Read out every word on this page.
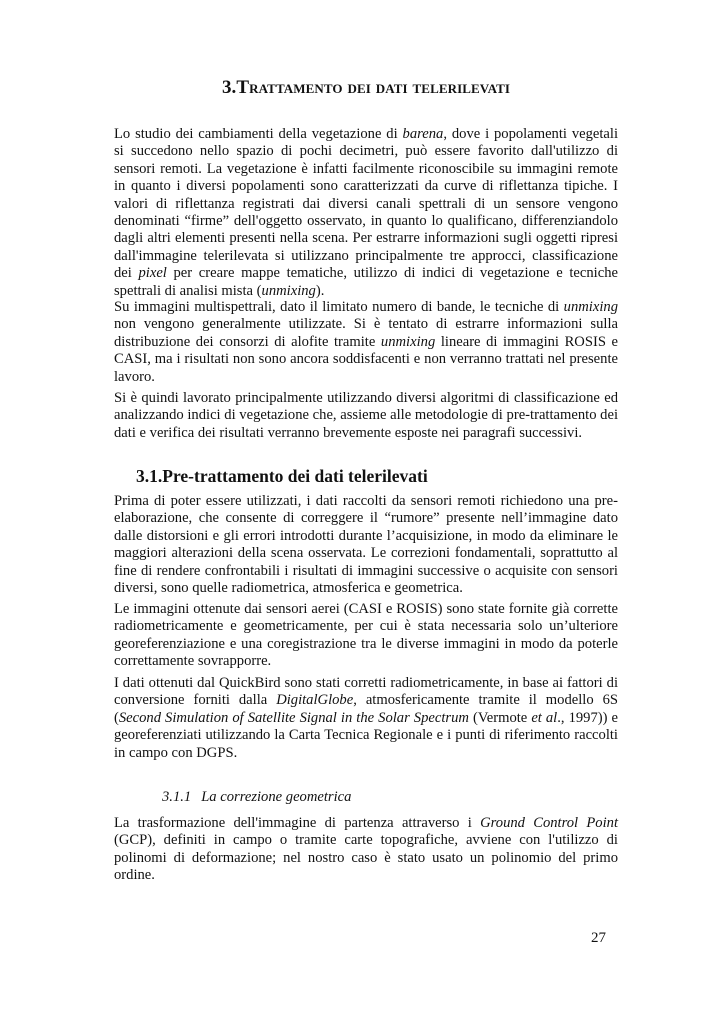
3.Trattamento dei dati telerilevati

Lo studio dei cambiamenti della vegetazione di barena, dove i popolamenti vegetali si succedono nello spazio di pochi decimetri, può essere favorito dall'utilizzo di sensori remoti. La vegetazione è infatti facilmente riconoscibile su immagini remote in quanto i diversi popolamenti sono caratterizzati da curve di riflettanza tipiche. I valori di riflettanza registrati dai diversi canali spettrali di un sensore vengono denominati “firme” dell'oggetto osservato, in quanto lo qualificano, differenziandolo dagli altri elementi presenti nella scena. Per estrarre informazioni sugli oggetti ripresi dall'immagine telerilevata si utilizzano principalmente tre approcci, classificazione dei pixel per creare mappe tematiche, utilizzo di indici di vegetazione e tecniche spettrali di analisi mista (unmixing).

Su immagini multispettrali, dato il limitato numero di bande, le tecniche di unmixing non vengono generalmente utilizzate. Si è tentato di estrarre informazioni sulla distribuzione dei consorzi di alofite tramite unmixing lineare di immagini ROSIS e CASI, ma i risultati non sono ancora soddisfacenti e non verranno trattati nel presente lavoro.

Si è quindi lavorato principalmente utilizzando diversi algoritmi di classificazione ed analizzando indici di vegetazione che, assieme alle metodologie di pre-trattamento dei dati e verifica dei risultati verranno brevemente esposte nei paragrafi successivi.

3.1.Pre-trattamento dei dati telerilevati

Prima di poter essere utilizzati, i dati raccolti da sensori remoti richiedono una pre-elaborazione, che consente di correggere il “rumore” presente nell’immagine dato dalle distorsioni e gli errori introdotti durante l’acquisizione, in modo da eliminare le maggiori alterazioni della scena osservata. Le correzioni fondamentali, soprattutto al fine di rendere confrontabili i risultati di immagini successive o acquisite con sensori diversi, sono quelle radiometrica, atmosferica e geometrica.

Le immagini ottenute dai sensori aerei (CASI e ROSIS) sono state fornite già corrette radiometricamente e geometricamente, per cui è stata necessaria solo un’ulteriore georeferenziazione e una coregistrazione tra le diverse immagini in modo da poterle correttamente sovrapporre.

I dati ottenuti dal QuickBird sono stati corretti radiometricamente, in base ai fattori di conversione forniti dalla DigitalGlobe, atmosfericamente tramite il modello 6S (Second Simulation of Satellite Signal in the Solar Spectrum (Vermote et al., 1997)) e georeferenziati utilizzando la Carta Tecnica Regionale e i punti di riferimento raccolti in campo con DGPS.

3.1.1 La correzione geometrica

La trasformazione dell'immagine di partenza attraverso i Ground Control Point (GCP), definiti in campo o tramite carte topografiche, avviene con l'utilizzo di polinomi di deformazione; nel nostro caso è stato usato un polinomio del primo ordine.

27
